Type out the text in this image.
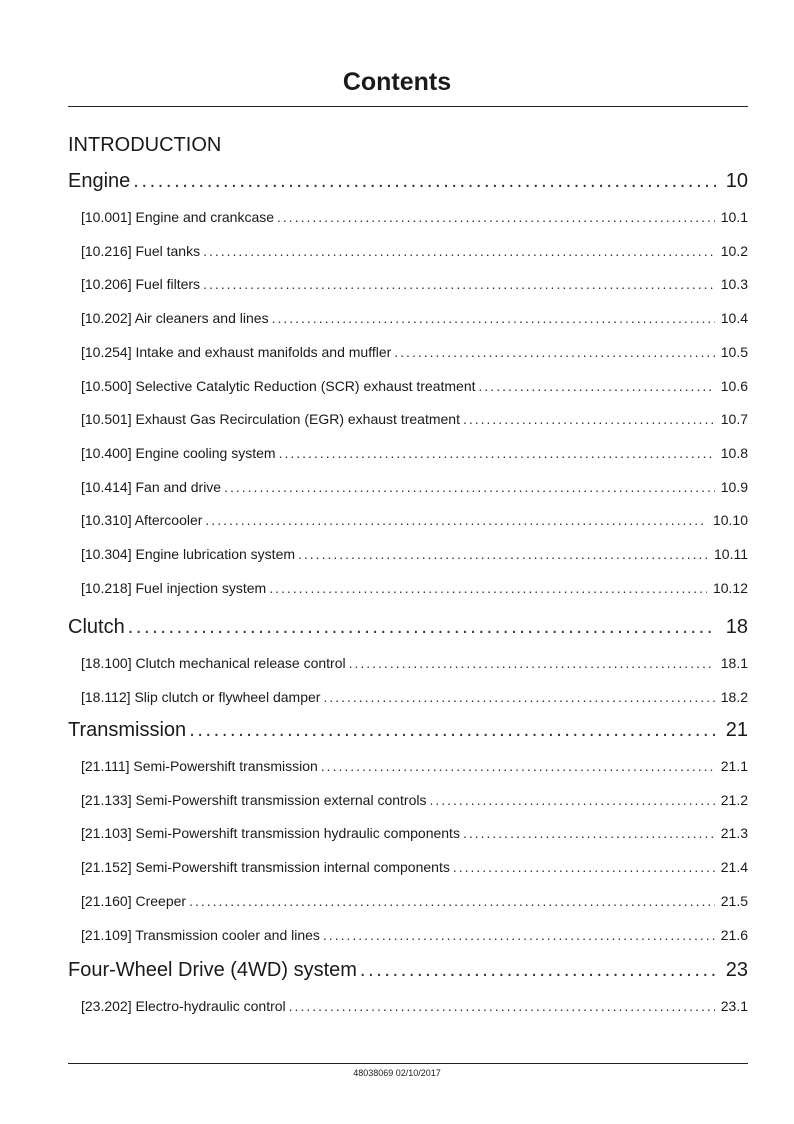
Contents
INTRODUCTION
Engine .....	10
[10.001] Engine and crankcase .....	10.1
[10.216] Fuel tanks .....	10.2
[10.206] Fuel filters .....	10.3
[10.202] Air cleaners and lines .....	10.4
[10.254] Intake and exhaust manifolds and muffler .....	10.5
[10.500] Selective Catalytic Reduction (SCR) exhaust treatment .....	10.6
[10.501] Exhaust Gas Recirculation (EGR) exhaust treatment .....	10.7
[10.400] Engine cooling system .....	10.8
[10.414] Fan and drive .....	10.9
[10.310] Aftercooler .....	10.10
[10.304] Engine lubrication system .....	10.11
[10.218] Fuel injection system .....	10.12
Clutch .....	18
[18.100] Clutch mechanical release control .....	18.1
[18.112] Slip clutch or flywheel damper .....	18.2
Transmission .....	21
[21.111] Semi-Powershift transmission .....	21.1
[21.133] Semi-Powershift transmission external controls .....	21.2
[21.103] Semi-Powershift transmission hydraulic components .....	21.3
[21.152] Semi-Powershift transmission internal components .....	21.4
[21.160] Creeper .....	21.5
[21.109] Transmission cooler and lines .....	21.6
Four-Wheel Drive (4WD) system .....	23
[23.202] Electro-hydraulic control .....	23.1
48038069 02/10/2017
